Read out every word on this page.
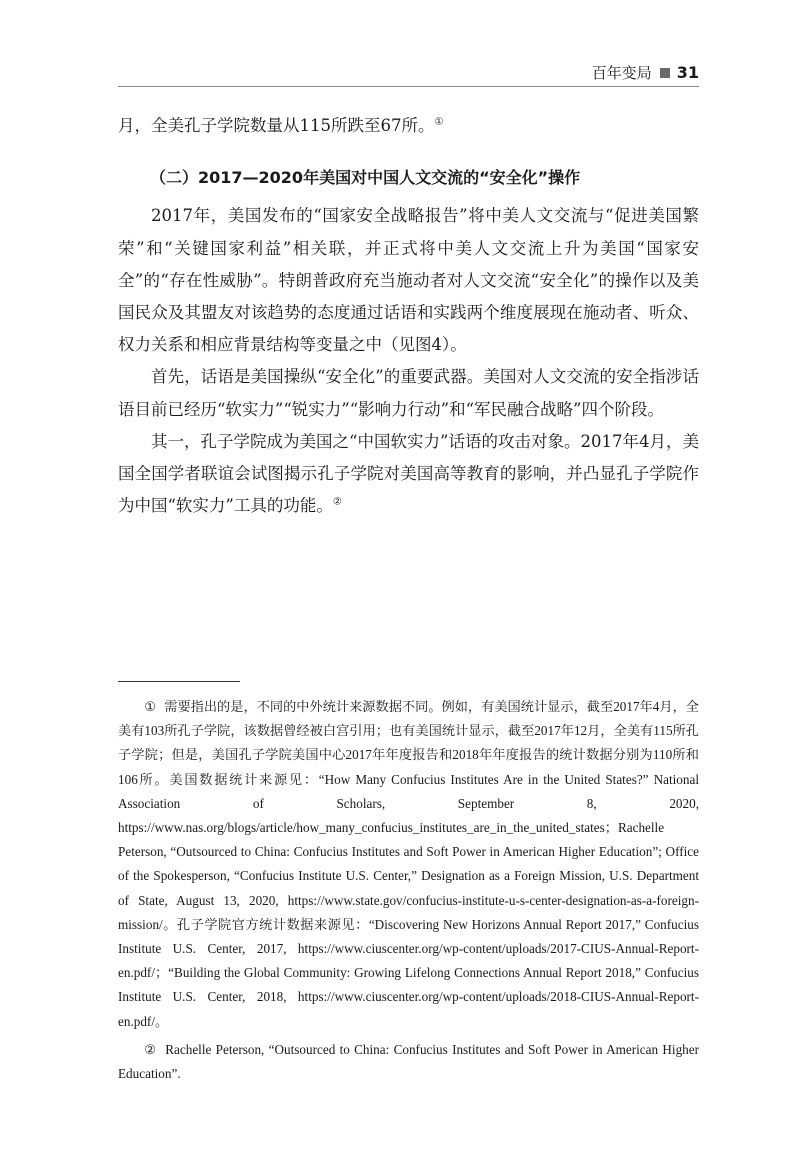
百年变局 31

月，全美孔子学院数量从115所跌至67所。①

（二）2017—2020年美国对中国人文交流的“安全化”操作

2017年，美国发布的“国家安全战略报告”将中美人文交流与“促进美国繁荣”和“关键国家利益”相关联，并正式将中美人文交流上升为美国“国家安全”的“存在性威胁”。特朗普政府充当施动者对人文交流“安全化”的操作以及美国民众及其盟友对该趋势的态度通过话语和实践两个维度展现在施动者、听众、权力关系和相应背景结构等变量之中（见图4）。

首先，话语是美国操纵“安全化”的重要武器。美国对人文交流的安全指涉话语目前已经历“软实力”“锐实力”“影响力行动”和“军民融合战略”四个阶段。

其一，孔子学院成为美国之“中国软实力”话语的攻击对象。2017年4月，美国全国学者联谊会试图揭示孔子学院对美国高等教育的影响，并凸显孔子学院作为中国“软实力”工具的功能。②

① 需要指出的是，不同的中外统计来源数据不同。例如，有美国统计显示，截至2017年4月，全美有103所孔子学院，该数据曾经被白宫引用；也有美国统计显示，截至2017年12月，全美有115所孔子学院；但是，美国孔子学院美国中心2017年年度报告和2018年年度报告的统计数据分别为110所和106所。美国数据统计来源见：“How Many Confucius Institutes Are in the United States?” National Association of Scholars, September 8, 2020, https://www.nas.org/blogs/article/how_many_confucius_institutes_are_in_the_united_states；Rachelle Peterson, “Outsourced to China: Confucius Institutes and Soft Power in American Higher Education”; Office of the Spokesperson, “Confucius Institute U.S. Center,” Designation as a Foreign Mission, U.S. Department of State, August 13, 2020, https://www.state.gov/confucius-institute-u-s-center-designation-as-a-foreign-mission/。孔子学院官方统计数据来源见：“Discovering New Horizons Annual Report 2017,” Confucius Institute U.S. Center, 2017, https://www.ciuscenter.org/wp-content/uploads/2017-CIUS-Annual-Report-en.pdf/；“Building the Global Community: Growing Lifelong Connections Annual Report 2018,” Confucius Institute U.S. Center, 2018, https://www.ciuscenter.org/wp-content/uploads/2018-CIUS-Annual-Report-en.pdf/。

② Rachelle Peterson, “Outsourced to China: Confucius Institutes and Soft Power in American Higher Education”.
